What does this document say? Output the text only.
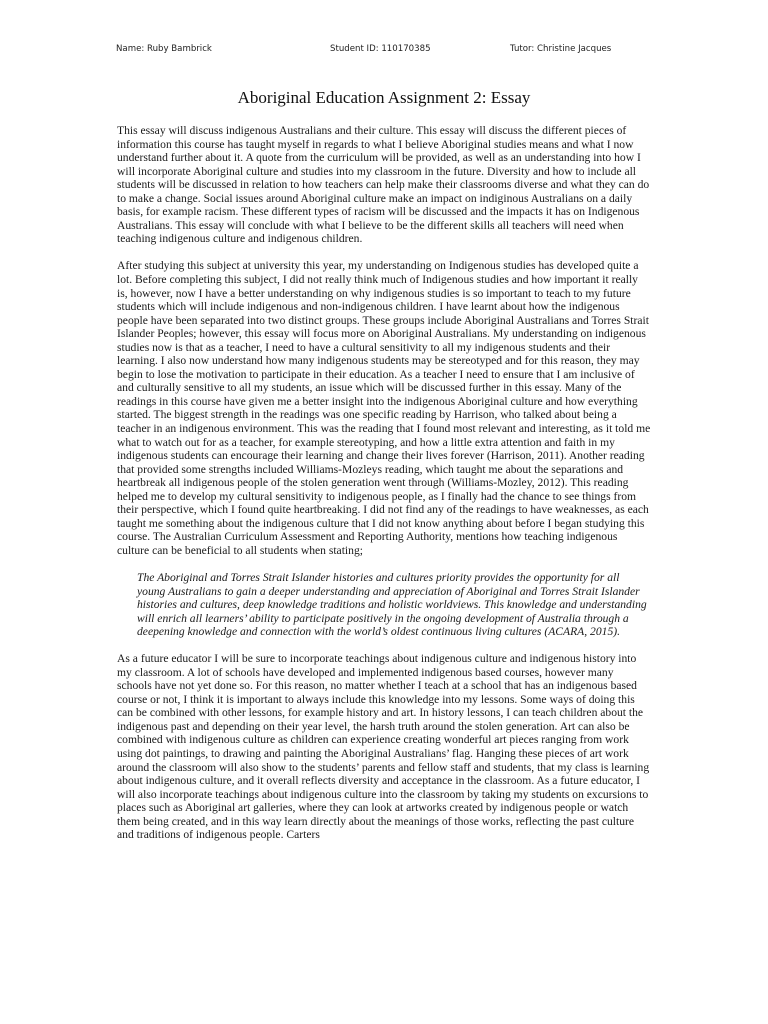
Name: Ruby Bambrick	Student ID: 110170385	Tutor: Christine Jacques
Aboriginal Education Assignment 2: Essay

This essay will discuss indigenous Australians and their culture. This essay will discuss the different pieces of information this course has taught myself in regards to what I believe Aboriginal studies means and what I now understand further about it. A quote from the curriculum will be provided, as well as an understanding into how I will incorporate Aboriginal culture and studies into my classroom in the future. Diversity and how to include all students will be discussed in relation to how teachers can help make their classrooms diverse and what they can do to make a change. Social issues around Aboriginal culture make an impact on indiginous Australians on a daily basis, for example racism. These different types of racism will be discussed and the impacts it has on Indigenous Australians. This essay will conclude with what I believe to be the different skills all teachers will need when teaching indigenous culture and indigenous children.

After studying this subject at university this year, my understanding on Indigenous studies has developed quite a lot. Before completing this subject, I did not really think much of Indigenous studies and how important it really is, however, now I have a better understanding on why indigenous studies is so important to teach to my future students which will include indigenous and non-indigenous children. I have learnt about how the indigenous people have been separated into two distinct groups. These groups include Aboriginal Australians and Torres Strait Islander Peoples; however, this essay will focus more on Aboriginal Australians. My understanding on indigenous studies now is that as a teacher, I need to have a cultural sensitivity to all my indigenous students and their learning. I also now understand how many indigenous students may be stereotyped and for this reason, they may begin to lose the motivation to participate in their education. As a teacher I need to ensure that I am inclusive of and culturally sensitive to all my students, an issue which will be discussed further in this essay. Many of the readings in this course have given me a better insight into the indigenous Aboriginal culture and how everything started. The biggest strength in the readings was one specific reading by Harrison, who talked about being a teacher in an indigenous environment. This was the reading that I found most relevant and interesting, as it told me what to watch out for as a teacher, for example stereotyping, and how a little extra attention and faith in my indigenous students can encourage their learning and change their lives forever (Harrison, 2011). Another reading that provided some strengths included Williams-Mozleys reading, which taught me about the separations and heartbreak all indigenous people of the stolen generation went through (Williams-Mozley, 2012). This reading helped me to develop my cultural sensitivity to indigenous people, as I finally had the chance to see things from their perspective, which I found quite heartbreaking. I did not find any of the readings to have weaknesses, as each taught me something about the indigenous culture that I did not know anything about before I began studying this course. The Australian Curriculum Assessment and Reporting Authority, mentions how teaching indigenous culture can be beneficial to all students when stating;

The Aboriginal and Torres Strait Islander histories and cultures priority provides the opportunity for all young Australians to gain a deeper understanding and appreciation of Aboriginal and Torres Strait Islander histories and cultures, deep knowledge traditions and holistic worldviews. This knowledge and understanding will enrich all learners’ ability to participate positively in the ongoing development of Australia through a deepening knowledge and connection with the world’s oldest continuous living cultures (ACARA, 2015).

As a future educator I will be sure to incorporate teachings about indigenous culture and indigenous history into my classroom. A lot of schools have developed and implemented indigenous based courses, however many schools have not yet done so. For this reason, no matter whether I teach at a school that has an indigenous based course or not, I think it is important to always include this knowledge into my lessons. Some ways of doing this can be combined with other lessons, for example history and art. In history lessons, I can teach children about the indigenous past and depending on their year level, the harsh truth around the stolen generation. Art can also be combined with indigenous culture as children can experience creating wonderful art pieces ranging from work using dot paintings, to drawing and painting the Aboriginal Australians’ flag. Hanging these pieces of art work around the classroom will also show to the students’ parents and fellow staff and students, that my class is learning about indigenous culture, and it overall reflects diversity and acceptance in the classroom. As a future educator, I will also incorporate teachings about indigenous culture into the classroom by taking my students on excursions to places such as Aboriginal art galleries, where they can look at artworks created by indigenous people or watch them being created, and in this way learn directly about the meanings of those works, reflecting the past culture and traditions of indigenous people. Carters
